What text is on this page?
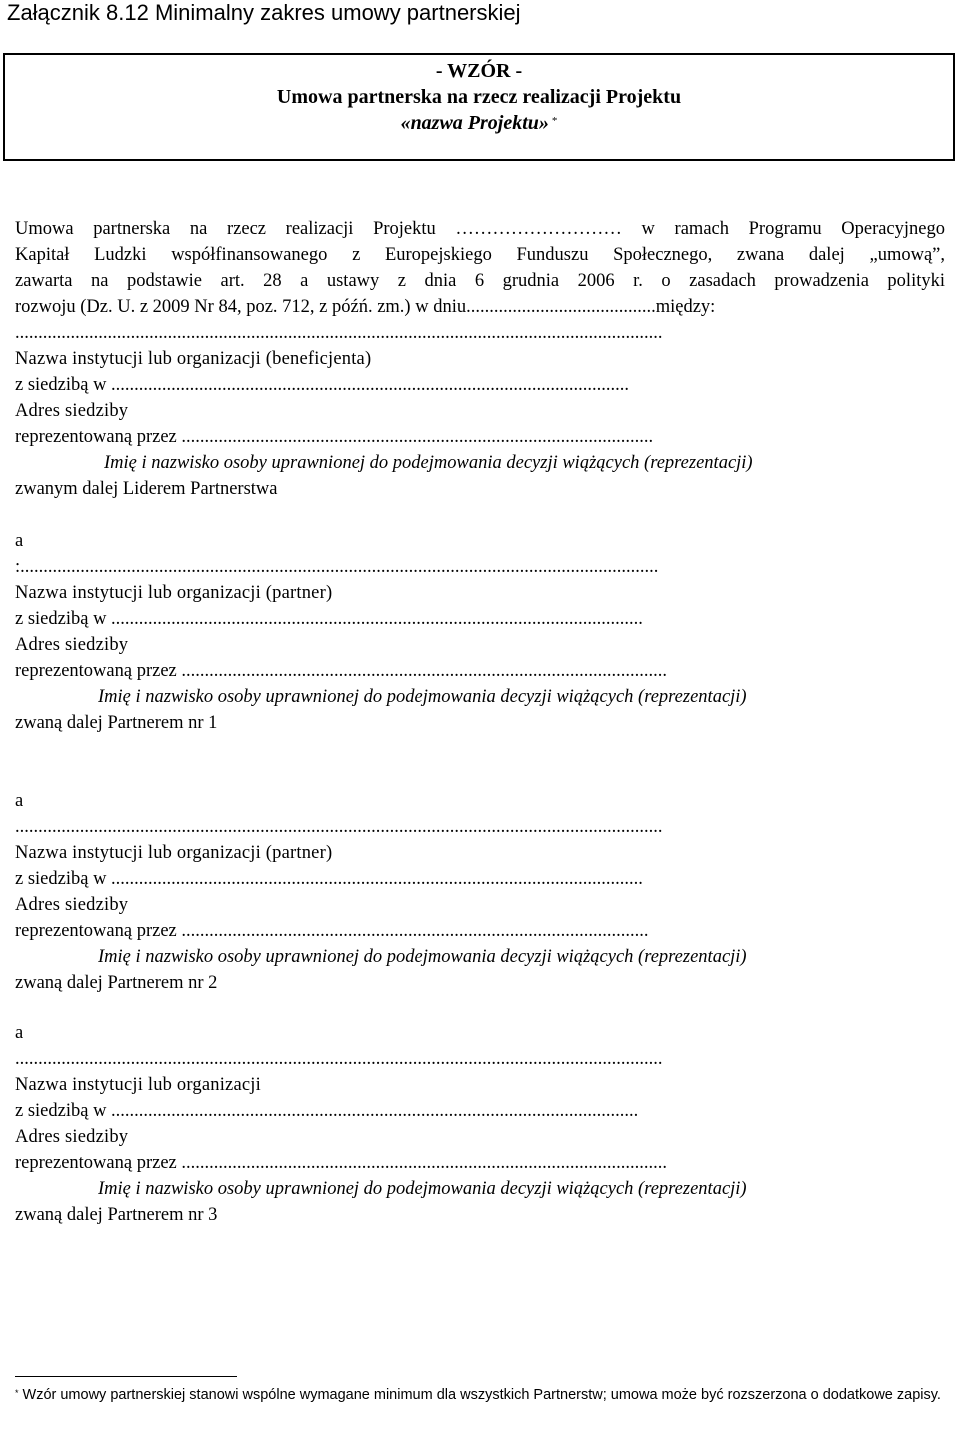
Załącznik 8.12 Minimalny zakres umowy partnerskiej
- WZÓR -
Umowa partnerska na rzecz realizacji Projektu
«nazwa Projektu» *
Umowa partnerska na rzecz realizacji Projektu ……………………… w ramach Programu Operacyjnego
Kapitał Ludzki współfinansowanego z Europejskiego Funduszu Społecznego, zwana dalej „umową”,
zawarta na podstawie art. 28 a ustawy z dnia 6 grudnia 2006 r. o zasadach prowadzenia polityki
rozwoju (Dz. U. z 2009 Nr 84, poz. 712, z późń. zm.) w dniu.........................................między:
............................................................................................................................................
Nazwa instytucji lub organizacji (beneficjenta)
z siedzibą w ................................................................................................................
Adres siedziby
reprezentowaną przez ......................................................................................................
Imię i nazwisko osoby uprawnionej do podejmowania decyzji wiążących (reprezentacji)
zwanym dalej Liderem Partnerstwa
a
:..........................................................................................................................................
Nazwa instytucji lub organizacji (partner)
z siedzibą w ...................................................................................................................
Adres siedziby
reprezentowaną przez .........................................................................................................
Imię i nazwisko osoby uprawnionej do podejmowania decyzji wiążących (reprezentacji)
zwaną dalej Partnerem nr 1
a
............................................................................................................................................
Nazwa instytucji lub organizacji (partner)
z siedzibą w ...................................................................................................................
Adres siedziby
reprezentowaną przez .....................................................................................................
Imię i nazwisko osoby uprawnionej do podejmowania decyzji wiążących (reprezentacji)
zwaną dalej Partnerem nr 2
a
............................................................................................................................................
Nazwa instytucji lub organizacji
z siedzibą w ..................................................................................................................
Adres siedziby
reprezentowaną przez .........................................................................................................
Imię i nazwisko osoby uprawnionej do podejmowania decyzji wiążących (reprezentacji)
zwaną dalej Partnerem nr 3
* Wzór umowy partnerskiej stanowi wspólne wymagane minimum dla wszystkich Partnerstw; umowa może być rozszerzona o dodatkowe zapisy.
